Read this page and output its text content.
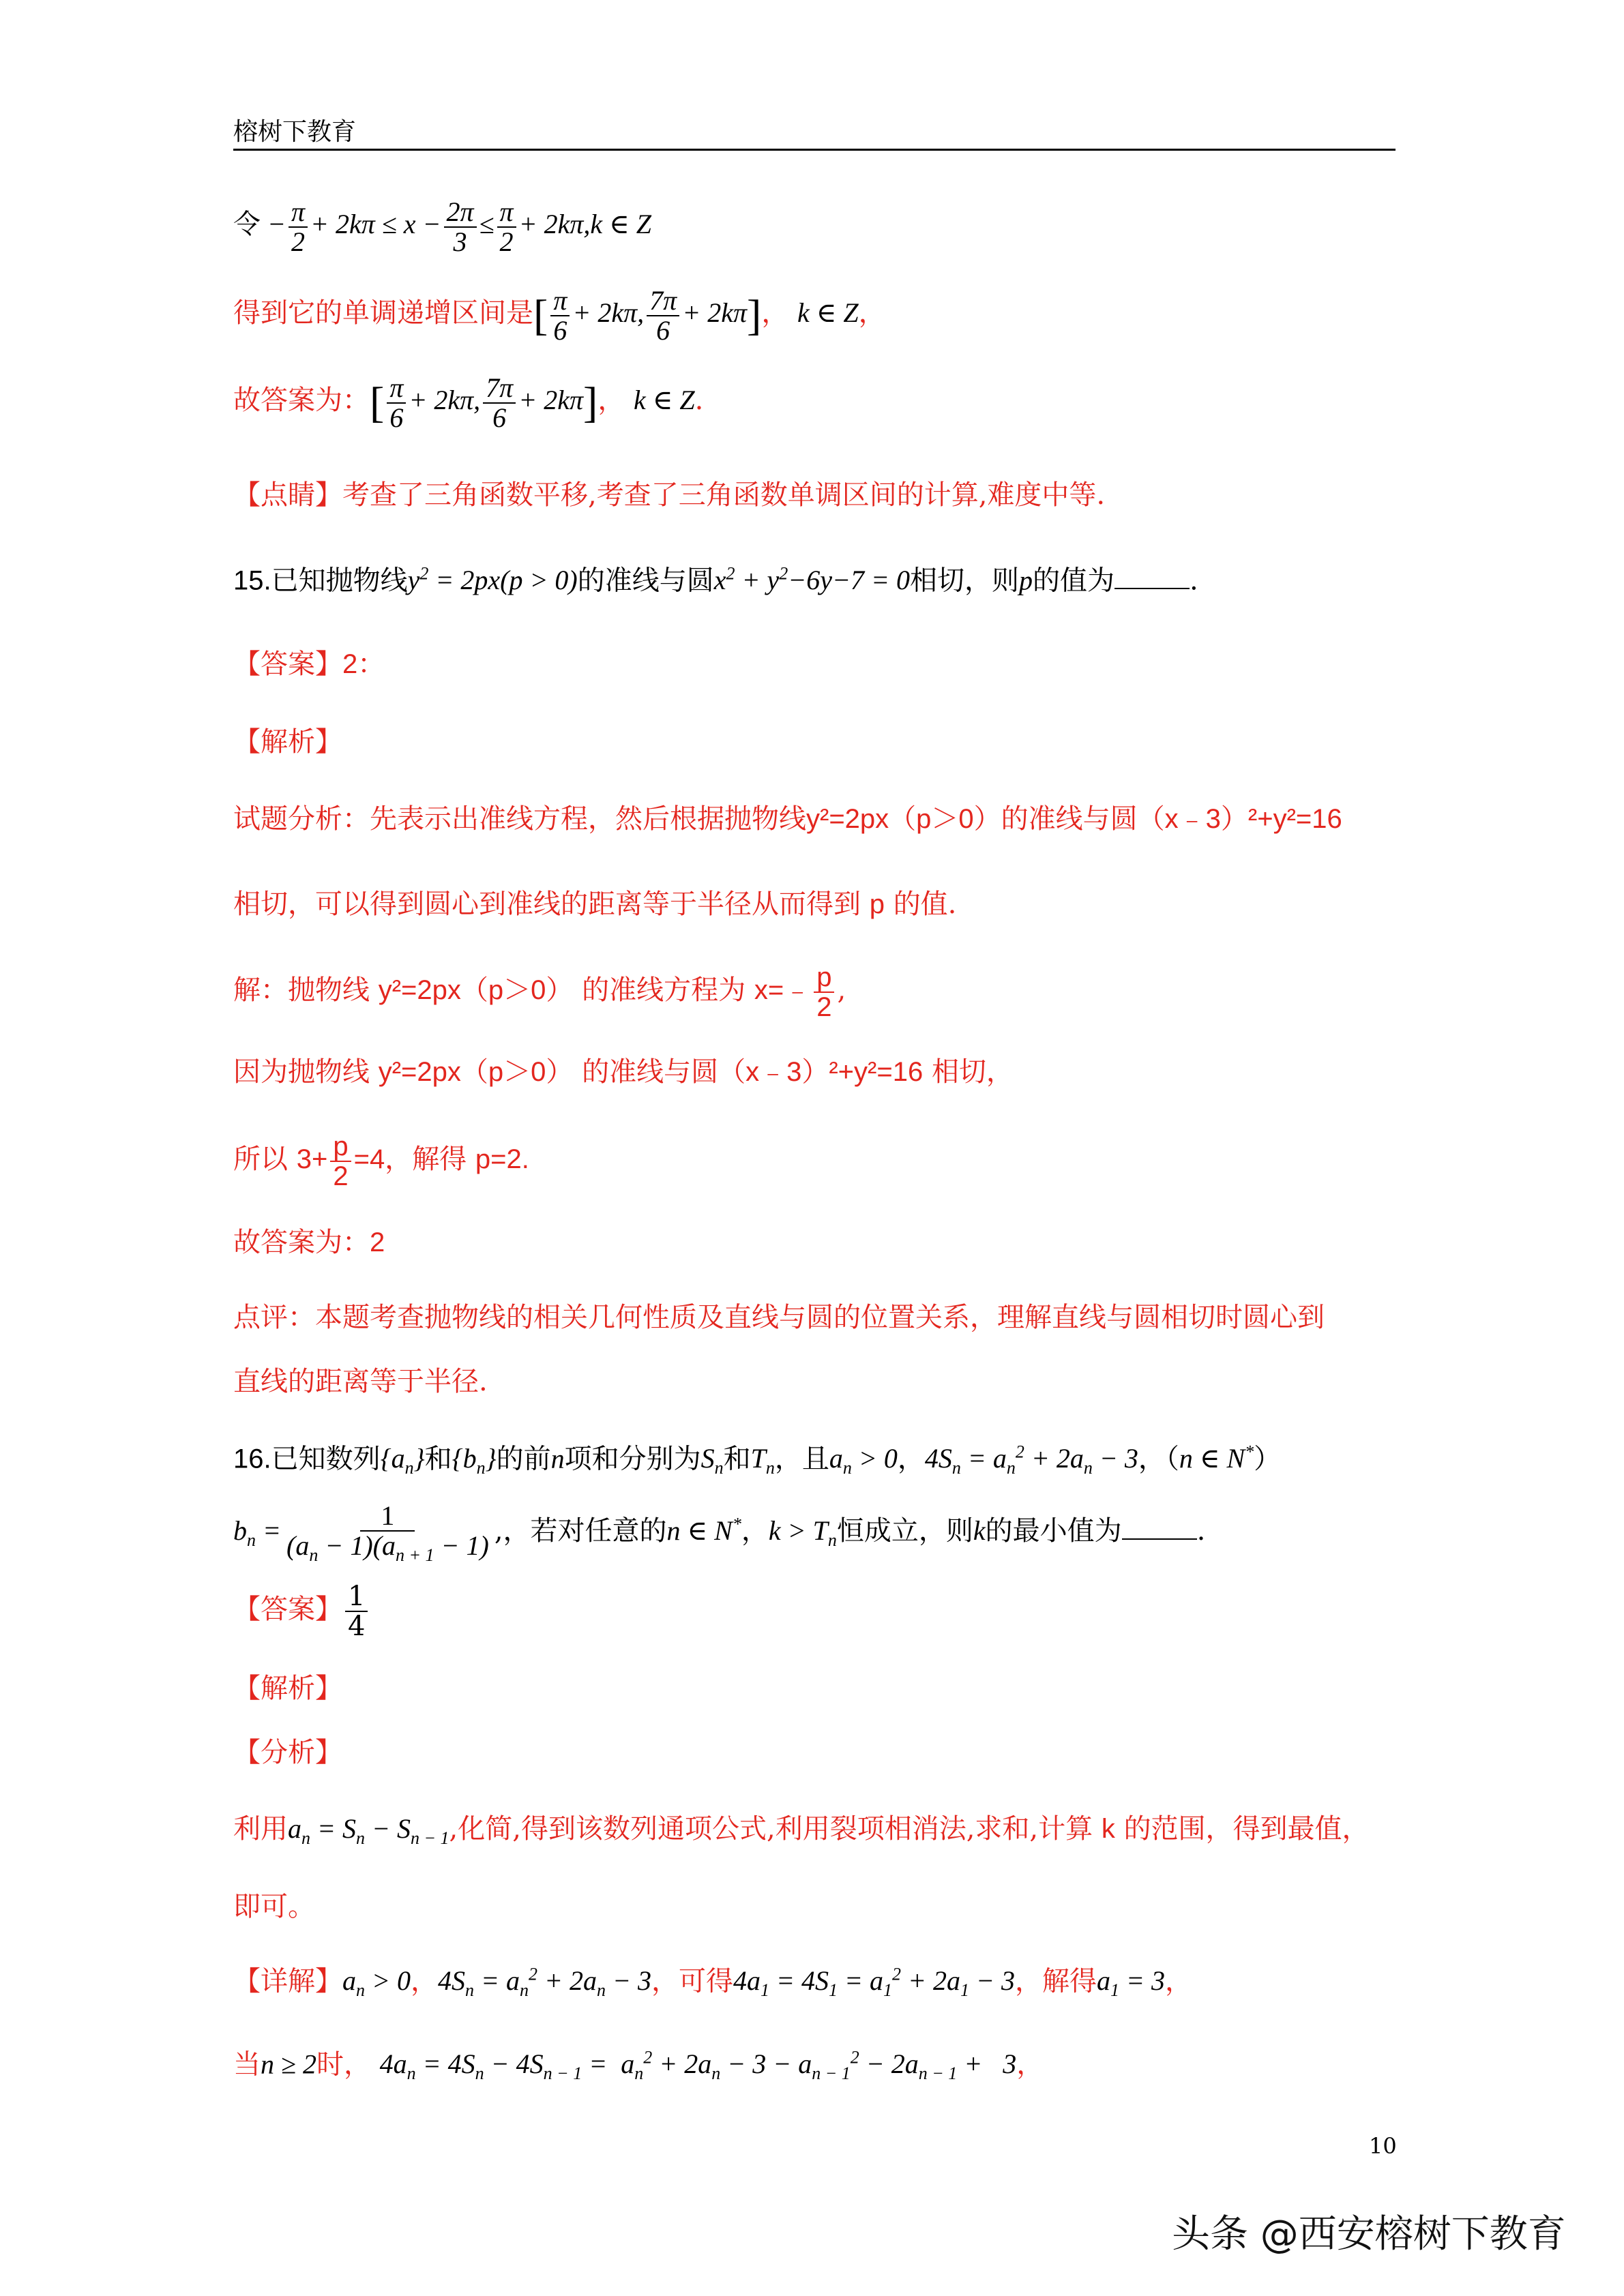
榕树下教育
令 − $\frac{\pi}{2} + 2k\pi \le x - \frac{2\pi}{3} \le \frac{\pi}{2} + 2k\pi,k$ ∈ Z
得到它的单调递增区间是[ $\frac{\pi}{6} + 2k\pi$, $\frac{7\pi}{6} + 2k\pi$]， k ∈ Z，
故答案为：[ $\frac{\pi}{6} + 2k\pi$, $\frac{7\pi}{6} + 2k\pi$]， k ∈ Z.
【点睛】考查了三角函数平移,考查了三角函数单调区间的计算,难度中等.
15.已知抛物线$y^2 = 2px(p > 0)$的准线与圆$x^2 + y^2-6y-7 = 0$相切，则p的值为	.
【答案】2：
【解析】
试题分析：先表示出准线方程，然后根据抛物线y²=2px（p＞0）的准线与圆（x﹣3）²+y²=16
相切，可以得到圆心到准线的距离等于半径从而得到 p 的值.
解：抛物线 y²=2px（p＞0） 的准线方程为 x=﹣ $\frac{p}{2}$ ,
因为抛物线 y²=2px（p＞0） 的准线与圆（x﹣3）²+y²=16 相切，
所以 $3+ \frac{p}{2} =4$，解得 p=2.
故答案为：2
点评：本题考查抛物线的相关几何性质及直线与圆的位置关系，理解直线与圆相切时圆心到
直线的距离等于半径.
16.已知数列$\{a_n\}$和$\{b_n\}$的前n项和分别为$S_n$和$T_n$，且$a_n > 0$，$4S_n = a_n^2 + 2a_n - 3$，（n ∈ N*）
$b_n = \frac{1}{(a_n - 1)(a_{n + 1} - 1)}$ ,，若对任意的n ∈ N*，$k > T_n$恒成立，则k的最小值为	.
【答案】 $\frac{1}{4}$
【解析】
【分析】
利用$a_n = S_n - S_{n - 1}$,化简,得到该数列通项公式,利用裂项相消法,求和,计算 k 的范围，得到最值，
即可。
【详解】$a_n > 0$，$4S_n = a_n^2 + 2a_n - 3$，可得$4a_1 = 4S_1 = a_1^2 + 2a_1 - 3$，解得$a_1 = 3$，
当n ≥ 2时， $4a_n = 4S_n - 4S_{n - 1} = a_n^2 + 2a_n - 3 - a_{n - 1}^2 - 2a_{n - 1} + 3$，
10
头条 @西安榕树下教育
